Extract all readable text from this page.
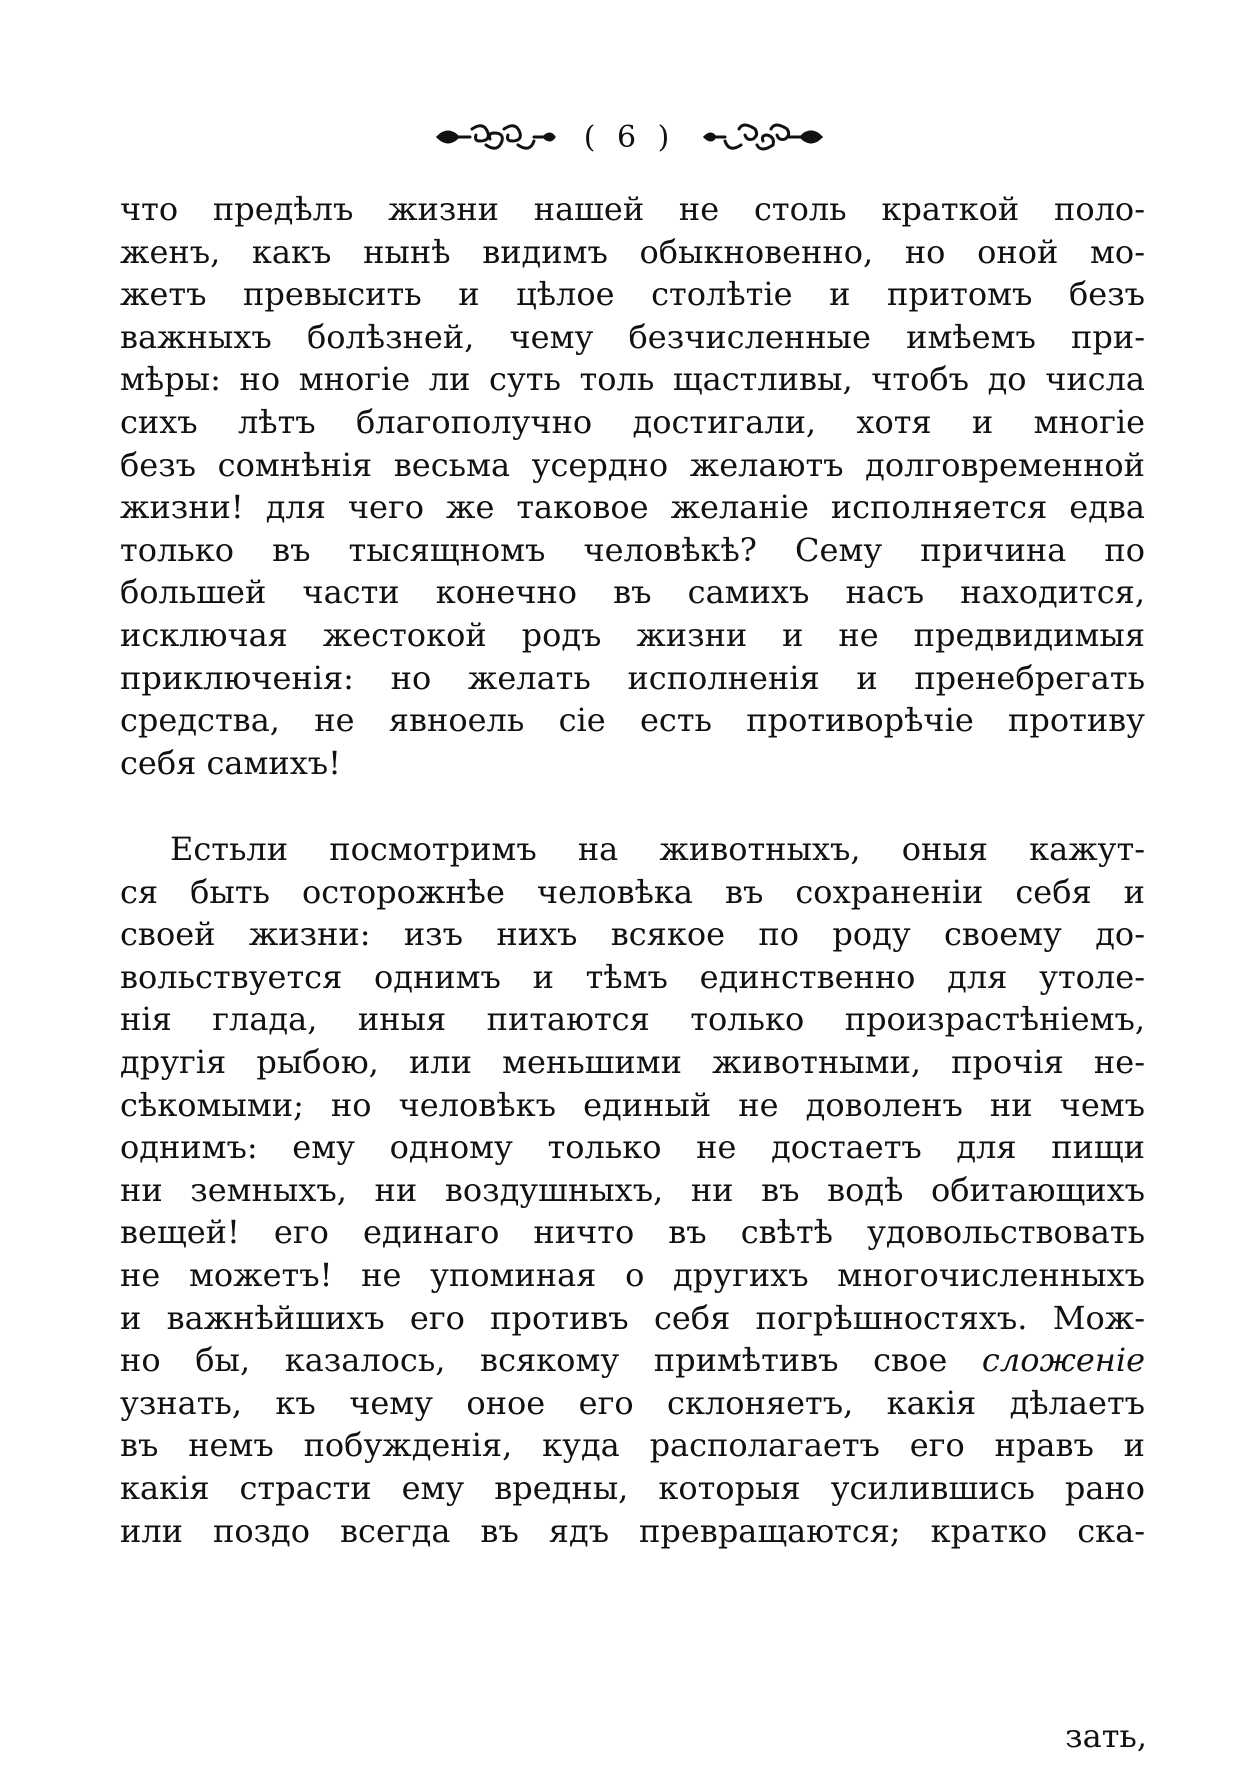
( 6 )
что предѣлъ жизни нашей не столь краткой поло-
женъ, какъ нынѣ видимъ обыкновенно, но оной мо-
жетъ превысить и цѣлое столѣтіе и притомъ безъ
важныхъ болѣзней, чему безчисленные имѣемъ при-
мѣры: но многіе ли суть толь щастливы, чтобъ до числа
сихъ лѣтъ благополучно достигали, хотя и многіе
безъ сомнѣнія весьма усердно желаютъ долговременной
жизни! для чего же таковое желаніе исполняется едва
только въ тысящномъ человѣкѣ? Сему причина по
большей части конечно въ самихъ насъ находится,
исключая жестокой родъ жизни и не предвидимыя
приключенія: но желать исполненія и пренебрегать
средства, не явноель сіе есть противорѣчіе противу
себя самихъ!
Естьли посмотримъ на животныхъ, оныя кажут-
ся быть осторожнѣе человѣка въ сохраненіи себя и
своей жизни: изъ нихъ всякое по роду своему до-
вольствуется однимъ и тѣмъ единственно для утоле-
нія глада, иныя питаются только произрастѣніемъ,
другія рыбою, или меньшими животными, прочія не-
сѣкомыми; но человѣкъ единый не доволенъ ни чемъ
однимъ: ему одному только не достаетъ для пищи
ни земныхъ, ни воздушныхъ, ни въ водѣ обитающихъ
вещей! его единаго ничто въ свѣтѣ удовольствовать
не можетъ! не упоминая о другихъ многочисленныхъ
и важнѣйшихъ его противъ себя погрѣшностяхъ. Мож-
но бы, казалось, всякому примѣтивъ свое сложеніе
узнать, къ чему оное его склоняетъ, какія дѣлаетъ
въ немъ побужденія, куда располагаетъ его нравъ и
какія страсти ему вредны, которыя усилившись рано
или поздо всегда въ ядъ превращаются; кратко ска-
зать,
